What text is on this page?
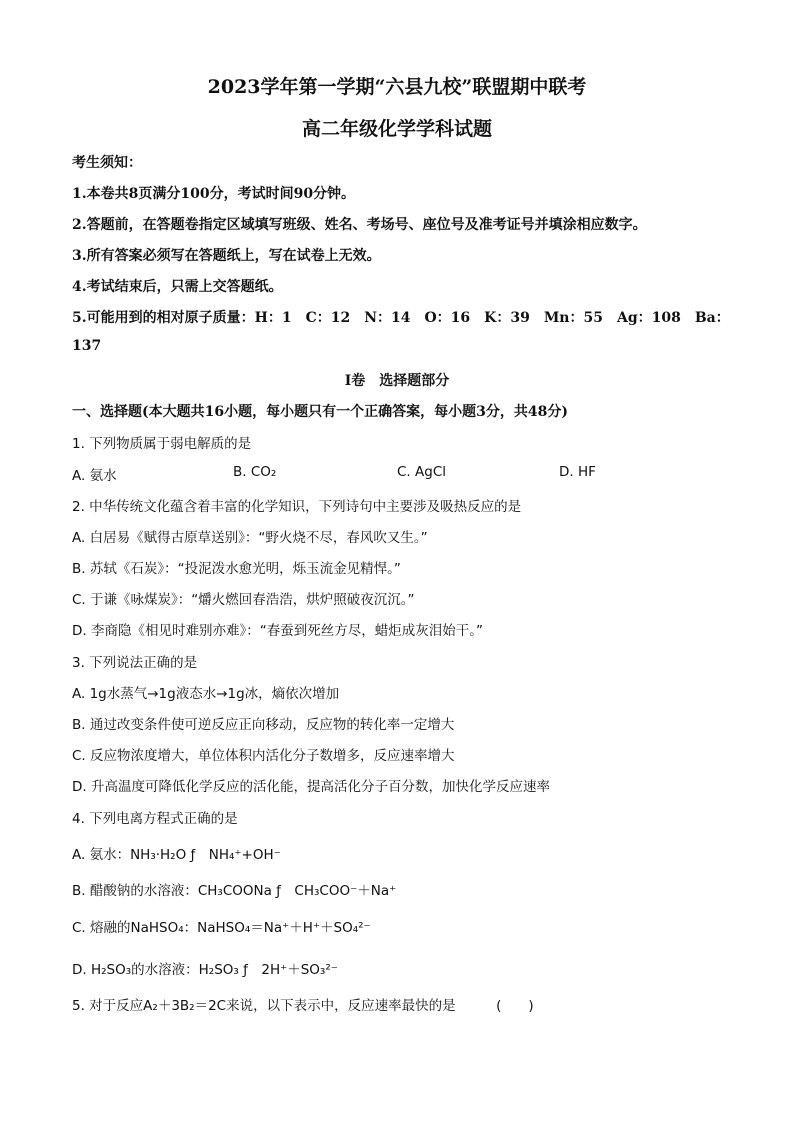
2023学年第一学期“六县九校”联盟期中联考
高二年级化学学科试题
考生须知：
1.本卷共8页满分100分，考试时间90分钟。
2.答题前，在答题卷指定区域填写班级、姓名、考场号、座位号及准考证号并填涂相应数字。
3.所有答案必须写在答题纸上，写在试卷上无效。
4.考试结束后，只需上交答题纸。
5.可能用到的相对原子质量：H：1　C：12　N：14　O：16　K：39　Mn：55　Ag：108　Ba：
137
Ⅰ卷　选择题部分
一、选择题(本大题共16小题，每小题只有一个正确答案，每小题3分，共48分)
1. 下列物质属于弱电解质的是
A. 氨水	B. CO₂	C. AgCl	D. HF
2. 中华传统文化蕴含着丰富的化学知识，下列诗句中主要涉及吸热反应的是
A. 白居易《赋得古原草送别》：“野火烧不尽，春风吹又生。”
B. 苏轼《石炭》：“投泥泼水愈光明，烁玉流金见精悍。”
C. 于谦《咏煤炭》：“爝火燃回春浩浩，烘炉照破夜沉沉。”
D. 李商隐《相见时难别亦难》：“春蚕到死丝方尽，蜡炬成灰泪始干。”
3. 下列说法正确的是
A. 1g水蒸气→1g液态水→1g冰，熵依次增加
B. 通过改变条件使可逆反应正向移动，反应物的转化率一定增大
C. 反应物浓度增大，单位体积内活化分子数增多，反应速率增大
D. 升高温度可降低化学反应的活化能，提高活化分子百分数，加快化学反应速率
4. 下列电离方程式正确的是
A. 氨水：NH₃·H₂O ƒ　NH₄⁺+OH⁻
B. 醋酸钠的水溶液：CH₃COONa ƒ　CH₃COO⁻＋Na⁺
C. 熔融的NaHSO₄：NaHSO₄＝Na⁺＋H⁺＋SO₄²⁻
D. H₂SO₃的水溶液：H₂SO₃ ƒ　2H⁺＋SO₃²⁻
5. 对于反应A₂＋3B₂＝2C来说，以下表示中，反应速率最快的是　　　(　　)
